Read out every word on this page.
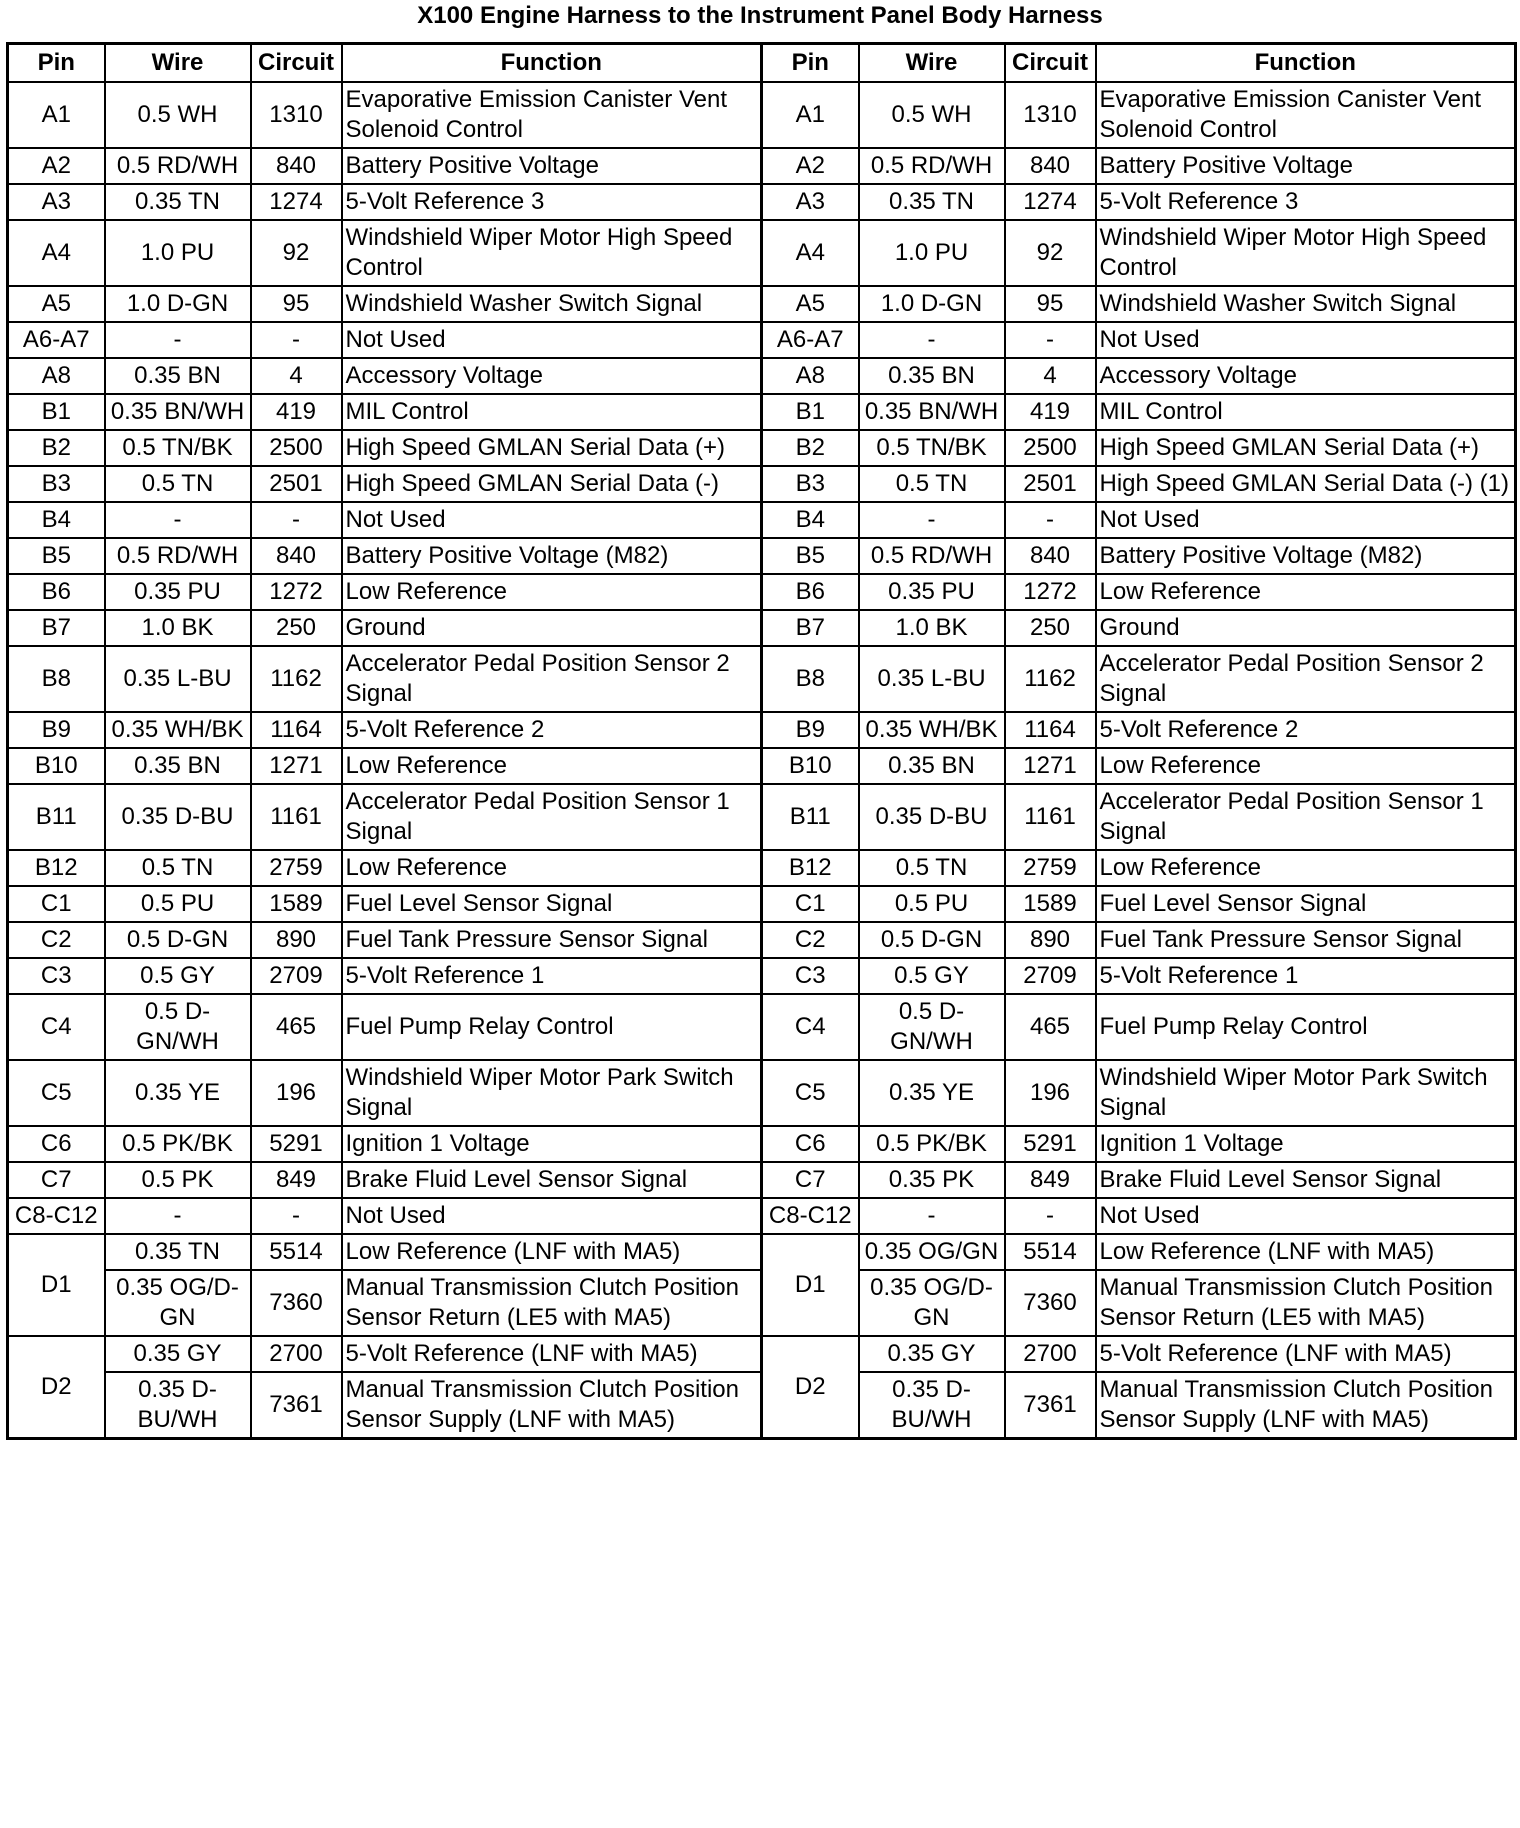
X100 Engine Harness to the Instrument Panel Body Harness
Pin	Wire	Circuit	Function	Pin	Wire	Circuit	Function
A1	0.5 WH	1310	Evaporative Emission Canister Vent Solenoid Control	A1	0.5 WH	1310	Evaporative Emission Canister Vent Solenoid Control
A2	0.5 RD/WH	840	Battery Positive Voltage	A2	0.5 RD/WH	840	Battery Positive Voltage
A3	0.35 TN	1274	5-Volt Reference 3	A3	0.35 TN	1274	5-Volt Reference 3
A4	1.0 PU	92	Windshield Wiper Motor High Speed Control	A4	1.0 PU	92	Windshield Wiper Motor High Speed Control
A5	1.0 D-GN	95	Windshield Washer Switch Signal	A5	1.0 D-GN	95	Windshield Washer Switch Signal
A6-A7	-	-	Not Used	A6-A7	-	-	Not Used
A8	0.35 BN	4	Accessory Voltage	A8	0.35 BN	4	Accessory Voltage
B1	0.35 BN/WH	419	MIL Control	B1	0.35 BN/WH	419	MIL Control
B2	0.5 TN/BK	2500	High Speed GMLAN Serial Data (+)	B2	0.5 TN/BK	2500	High Speed GMLAN Serial Data (+)
B3	0.5 TN	2501	High Speed GMLAN Serial Data (-)	B3	0.5 TN	2501	High Speed GMLAN Serial Data (-) (1)
B4	-	-	Not Used	B4	-	-	Not Used
B5	0.5 RD/WH	840	Battery Positive Voltage (M82)	B5	0.5 RD/WH	840	Battery Positive Voltage (M82)
B6	0.35 PU	1272	Low Reference	B6	0.35 PU	1272	Low Reference
B7	1.0 BK	250	Ground	B7	1.0 BK	250	Ground
B8	0.35 L-BU	1162	Accelerator Pedal Position Sensor 2 Signal	B8	0.35 L-BU	1162	Accelerator Pedal Position Sensor 2 Signal
B9	0.35 WH/BK	1164	5-Volt Reference 2	B9	0.35 WH/BK	1164	5-Volt Reference 2
B10	0.35 BN	1271	Low Reference	B10	0.35 BN	1271	Low Reference
B11	0.35 D-BU	1161	Accelerator Pedal Position Sensor 1 Signal	B11	0.35 D-BU	1161	Accelerator Pedal Position Sensor 1 Signal
B12	0.5 TN	2759	Low Reference	B12	0.5 TN	2759	Low Reference
C1	0.5 PU	1589	Fuel Level Sensor Signal	C1	0.5 PU	1589	Fuel Level Sensor Signal
C2	0.5 D-GN	890	Fuel Tank Pressure Sensor Signal	C2	0.5 D-GN	890	Fuel Tank Pressure Sensor Signal
C3	0.5 GY	2709	5-Volt Reference 1	C3	0.5 GY	2709	5-Volt Reference 1
C4	0.5 D-GN/WH	465	Fuel Pump Relay Control	C4	0.5 D-GN/WH	465	Fuel Pump Relay Control
C5	0.35 YE	196	Windshield Wiper Motor Park Switch Signal	C5	0.35 YE	196	Windshield Wiper Motor Park Switch Signal
C6	0.5 PK/BK	5291	Ignition 1 Voltage	C6	0.5 PK/BK	5291	Ignition 1 Voltage
C7	0.5 PK	849	Brake Fluid Level Sensor Signal	C7	0.35 PK	849	Brake Fluid Level Sensor Signal
C8-C12	-	-	Not Used	C8-C12	-	-	Not Used
D1	0.35 TN	5514	Low Reference (LNF with MA5)	D1	0.35 OG/GN	5514	Low Reference (LNF with MA5)
	0.35 OG/D-GN	7360	Manual Transmission Clutch Position Sensor Return (LE5 with MA5)		0.35 OG/D-GN	7360	Manual Transmission Clutch Position Sensor Return (LE5 with MA5)
D2	0.35 GY	2700	5-Volt Reference (LNF with MA5)	D2	0.35 GY	2700	5-Volt Reference (LNF with MA5)
	0.35 D-BU/WH	7361	Manual Transmission Clutch Position Sensor Supply (LNF with MA5)		0.35 D-BU/WH	7361	Manual Transmission Clutch Position Sensor Supply (LNF with MA5)
